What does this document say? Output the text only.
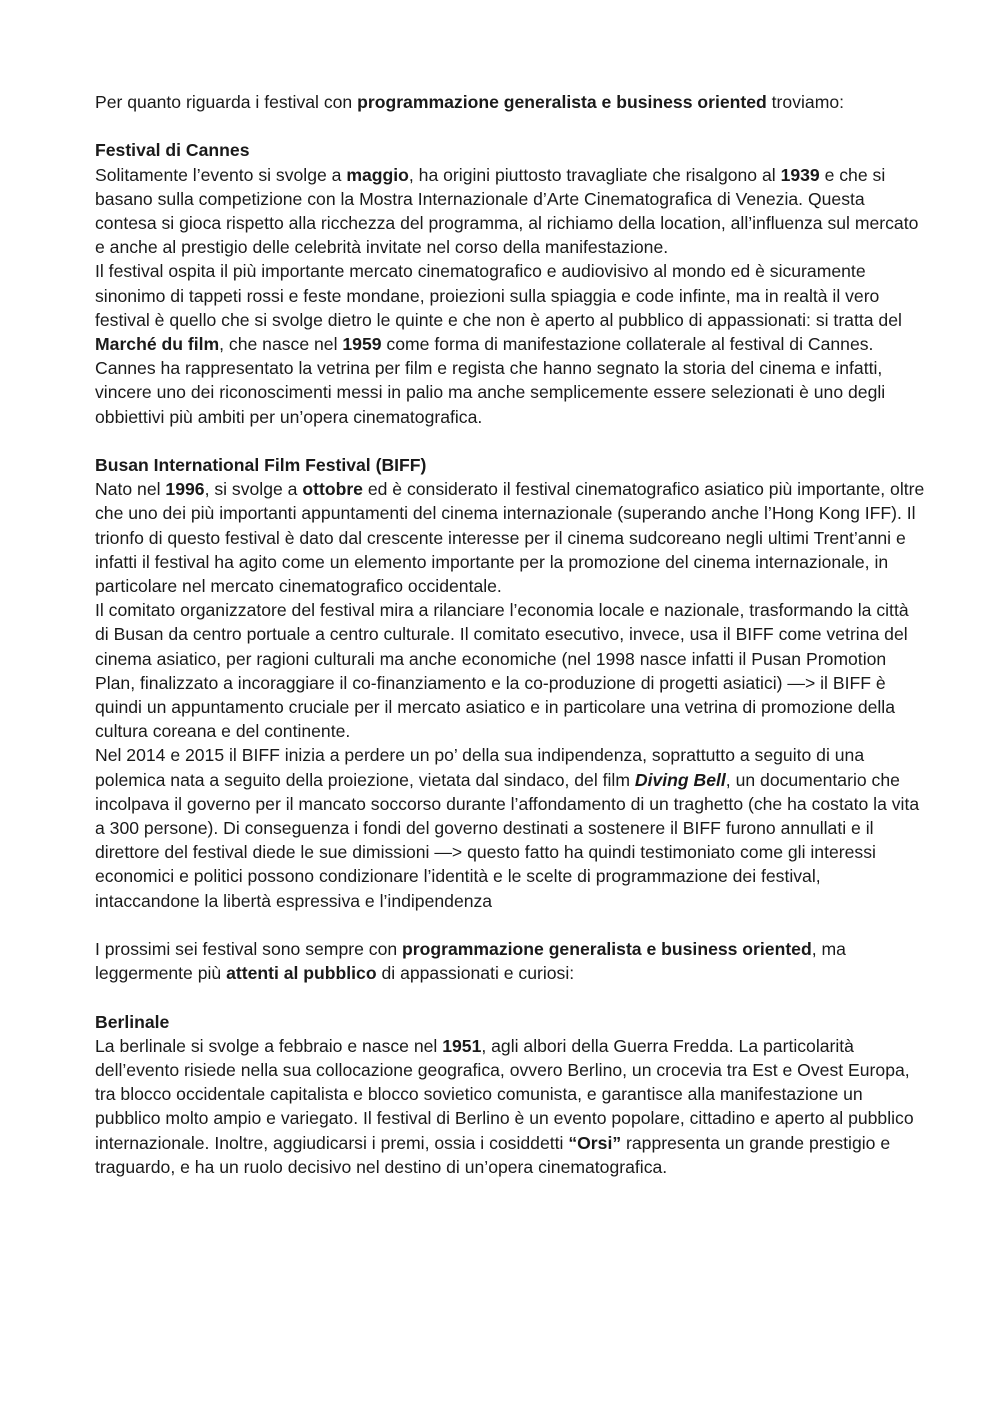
Per quanto riguarda i festival con programmazione generalista e business oriented troviamo:

Festival di Cannes

Solitamente l’evento si svolge a maggio, ha origini piuttosto travagliate che risalgono al 1939 e che si basano sulla competizione con la Mostra Internazionale d’Arte Cinematografica di Venezia. Questa contesa si gioca rispetto alla ricchezza del programma, al richiamo della location, all’influenza sul mercato e anche al prestigio delle celebrità invitate nel corso della manifestazione.

Il festival ospita il più importante mercato cinematografico e audiovisivo al mondo ed è sicuramente sinonimo di tappeti rossi e feste mondane, proiezioni sulla spiaggia e code infinte, ma in realtà il vero festival è quello che si svolge dietro le quinte e che non è aperto al pubblico di appassionati: si tratta del Marché du film, che nasce nel 1959 come forma di manifestazione collaterale al festival di Cannes.

Cannes ha rappresentato la vetrina per film e regista che hanno segnato la storia del cinema e infatti, vincere uno dei riconoscimenti messi in palio ma anche semplicemente essere selezionati è uno degli obbiettivi più ambiti per un’opera cinematografica.

Busan International Film Festival (BIFF)

Nato nel 1996, si svolge a ottobre ed è considerato il festival cinematografico asiatico più importante, oltre che uno dei più importanti appuntamenti del cinema internazionale (superando anche l’Hong Kong IFF). Il trionfo di questo festival è dato dal crescente interesse per il cinema sudcoreano negli ultimi Trent’anni e infatti il festival ha agito come un elemento importante per la promozione del cinema internazionale, in particolare nel mercato cinematografico occidentale.

Il comitato organizzatore del festival mira a rilanciare l’economia locale e nazionale, trasformando la città di Busan da centro portuale a centro culturale. Il comitato esecutivo, invece, usa il BIFF come vetrina del cinema asiatico, per ragioni culturali ma anche economiche (nel 1998 nasce infatti il Pusan Promotion Plan, finalizzato a incoraggiare il co-finanziamento e la co-produzione di progetti asiatici) —> il BIFF è quindi un appuntamento cruciale per il mercato asiatico e in particolare una vetrina di promozione della cultura coreana e del continente.

Nel 2014 e 2015 il BIFF inizia a perdere un po’ della sua indipendenza, soprattutto a seguito di una polemica nata a seguito della proiezione, vietata dal sindaco, del film Diving Bell, un documentario che incolpava il governo per il mancato soccorso durante l’affondamento di un traghetto (che ha costato la vita a 300 persone). Di conseguenza i fondi del governo destinati a sostenere il BIFF furono annullati e il direttore del festival diede le sue dimissioni —> questo fatto ha quindi testimoniato come gli interessi economici e politici possono condizionare l’identità e le scelte di programmazione dei festival, intaccandone la libertà espressiva e l’indipendenza

I prossimi sei festival sono sempre con programmazione generalista e business oriented, ma leggermente più attenti al pubblico di appassionati e curiosi:

Berlinale

La berlinale si svolge a febbraio e nasce nel 1951, agli albori della Guerra Fredda. La particolarità dell’evento risiede nella sua collocazione geografica, ovvero Berlino, un crocevia tra Est e Ovest Europa, tra blocco occidentale capitalista e blocco sovietico comunista, e garantisce alla manifestazione un pubblico molto ampio e variegato. Il festival di Berlino è un evento popolare, cittadino e aperto al pubblico internazionale. Inoltre, aggiudicarsi i premi, ossia i cosiddetti “Orsi” rappresenta un grande prestigio e traguardo, e ha un ruolo decisivo nel destino di un’opera cinematografica.
